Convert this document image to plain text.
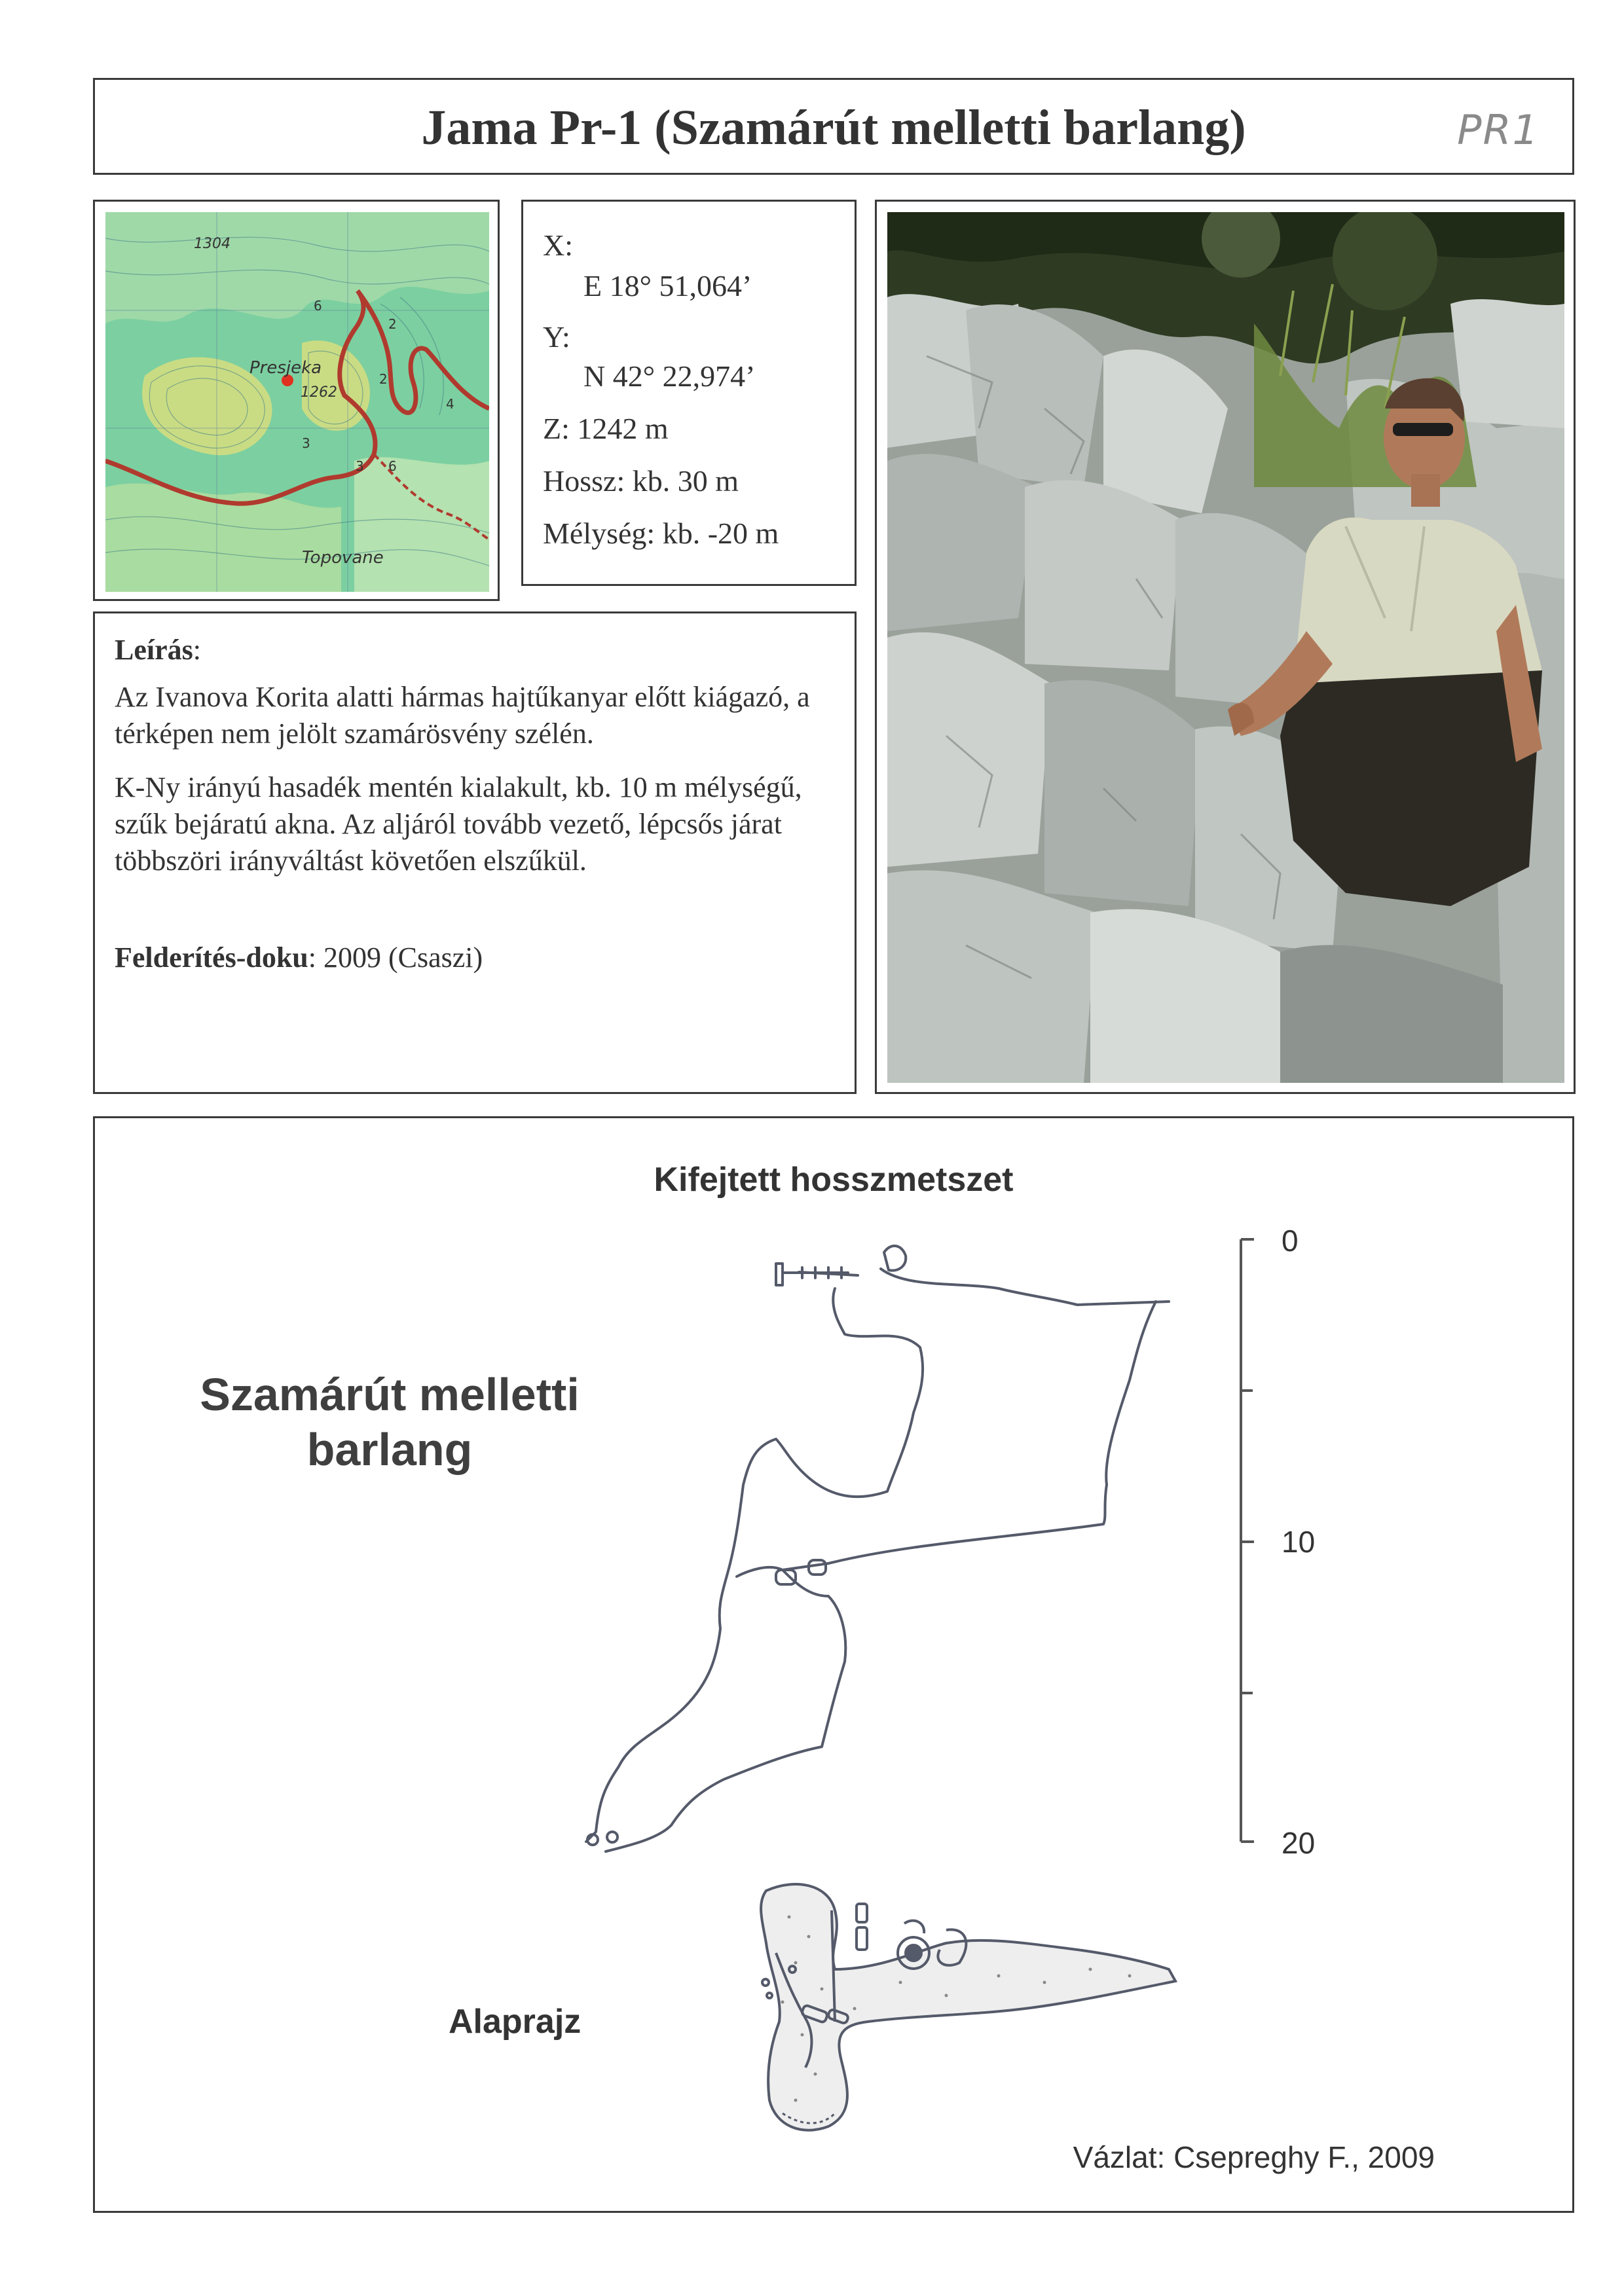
Jama Pr-1 (Szamárút melletti barlang)	PR1
1304
Presjeka
1262
Topovane
6
2
2
3 6
3
4
X:
E 18° 51,064’
Y:
N 42° 22,974’
Z: 1242 m
Hossz: kb. 30 m
Mélység: kb. -20 m
Leírás:
Az Ivanova Korita alatti hármas hajtűkanyar előtt kiágazó, a térképen nem jelölt szamárösvény szélén.
K-Ny irányú hasadék mentén kialakult, kb. 10 m mélységű, szűk bejáratú akna. Az aljáról tovább vezető, lépcsős járat többszöri irányváltást követően elszűkül.
Felderítés-doku: 2009 (Csaszi)
Kifejtett hosszmetszet
Szamárút melletti barlang
Alaprajz
0
10
20
Vázlat: Csepreghy F., 2009
